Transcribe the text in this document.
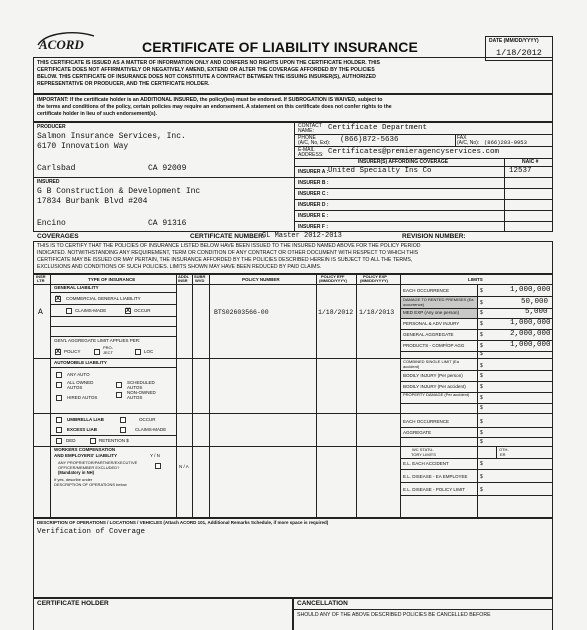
ACORD	CERTIFICATE OF LIABILITY INSURANCE	DATE (MM/DD/YYYY)
1/18/2012
THIS CERTIFICATE IS ISSUED AS A MATTER OF INFORMATION ONLY AND CONFERS NO RIGHTS UPON THE CERTIFICATE HOLDER. THIS
CERTIFICATE DOES NOT AFFIRMATIVELY OR NEGATIVELY AMEND, EXTEND OR ALTER THE COVERAGE AFFORDED BY THE POLICIES
BELOW. THIS CERTIFICATE OF INSURANCE DOES NOT CONSTITUTE A CONTRACT BETWEEN THE ISSUING INSURER(S), AUTHORIZED
REPRESENTATIVE OR PRODUCER, AND THE CERTIFICATE HOLDER.
IMPORTANT: If the certificate holder is an ADDITIONAL INSURED, the policy(ies) must be endorsed. If SUBROGATION IS WAIVED, subject to
the terms and conditions of the policy, certain policies may require an endorsement. A statement on this certificate does not confer rights to the
certificate holder in lieu of such endorsement(s).
PRODUCER
Salmon Insurance Services, Inc.
6170 Innovation Way
Carlsbad	CA 92009
CONTACT
NAME: Certificate Department
PHONE
(A/C, No, Ext): (866)872-5636	FAX
(A/C, No): (866)203-9953
E-MAIL
ADDRESS: Certificates@premieragencyservices.com
INSURER(S) AFFORDING COVERAGE	NAIC #
INSURER A : United Specialty Ins Co	12537
INSURER B :
INSURER C :
INSURER D :
INSURER E :
INSURER F :
INSURED
G B Construction & Development Inc
17834 Burbank Blvd #204
Encino	CA 91316
COVERAGES	CERTIFICATE NUMBER:
GL Master 2012-2013	REVISION NUMBER:
THIS IS TO CERTIFY THAT THE POLICIES OF INSURANCE LISTED BELOW HAVE BEEN ISSUED TO THE INSURED NAMED ABOVE FOR THE POLICY PERIOD
INDICATED. NOTWITHSTANDING ANY REQUIREMENT, TERM OR CONDITION OF ANY CONTRACT OR OTHER DOCUMENT WITH RESPECT TO WHICH THIS
CERTIFICATE MAY BE ISSUED OR MAY PERTAIN, THE INSURANCE AFFORDED BY THE POLICIES DESCRIBED HEREIN IS SUBJECT TO ALL THE TERMS,
EXCLUSIONS AND CONDITIONS OF SUCH POLICIES. LIMITS SHOWN MAY HAVE BEEN REDUCED BY PAID CLAIMS.
INSR
LTR	TYPE OF INSURANCE
ADDL
INSR
SUBR
WVD	POLICY NUMBER
POLICY EFF
(MM/DD/YYYY)
POLICY EXP
(MM/DD/YYYY)	LIMITS
GENERAL LIABILITY
X
COMMERCIAL GENERAL LIABILITY
CLAIMS-MADE
X	OCCUR
GEN'L AGGREGATE LIMIT APPLIES PER:
X
POLICY
PRO-
JECT	LOC
A	BTS02603566-00	1/18/2012 1/18/2013
EACH OCCURRENCE	$	1,000,000
DAMAGE TO RENTED PREMISES (Ea occurrence)	$	50,000
MED EXP (Any one person)	$	5,000
PERSONAL & ADV INJURY	$	1,000,000
GENERAL AGGREGATE	$	2,000,000
PRODUCTS - COMP/OP AGG	$	1,000,000
$
AUTOMOBILE LIABILITY
ANY AUTO
ALL OWNED AUTOS
SCHEDULED AUTOS
HIRED AUTOS
NON-OWNED AUTOS
COMBINED SINGLE LIMIT (Ea accident)	$
BODILY INJURY (Per person)	$
BODILY INJURY (Per accident)	$
PROPERTY DAMAGE (Per accident)
$
$
UMBRELLA LIAB	OCCUR
EXCESS LIAB	CLAIMS-MADE
DED	RETENTION $
EACH OCCURRENCE	$
AGGREGATE	$
$
WORKERS COMPENSATION
AND EMPLOYERS' LIABILITY	Y / N
ANY PROPRIETOR/PARTNER/EXECUTIVE
OFFICER/MEMBER EXCLUDED?
(Mandatory in NH)
N / A
If yes, describe under
DESCRIPTION OF OPERATIONS below
WC STATU-
TORY LIMITS
OTH-
ER
E.L. EACH ACCIDENT	$
E.L. DISEASE - EA EMPLOYEE $
E.L. DISEASE - POLICY LIMIT	$
DESCRIPTION OF OPERATIONS / LOCATIONS / VEHICLES (Attach ACORD 101, Additional Remarks Schedule, if more space is required)
Verification of Coverage
CERTIFICATE HOLDER	CANCELLATION
SHOULD ANY OF THE ABOVE DESCRIBED POLICIES BE CANCELLED BEFORE
